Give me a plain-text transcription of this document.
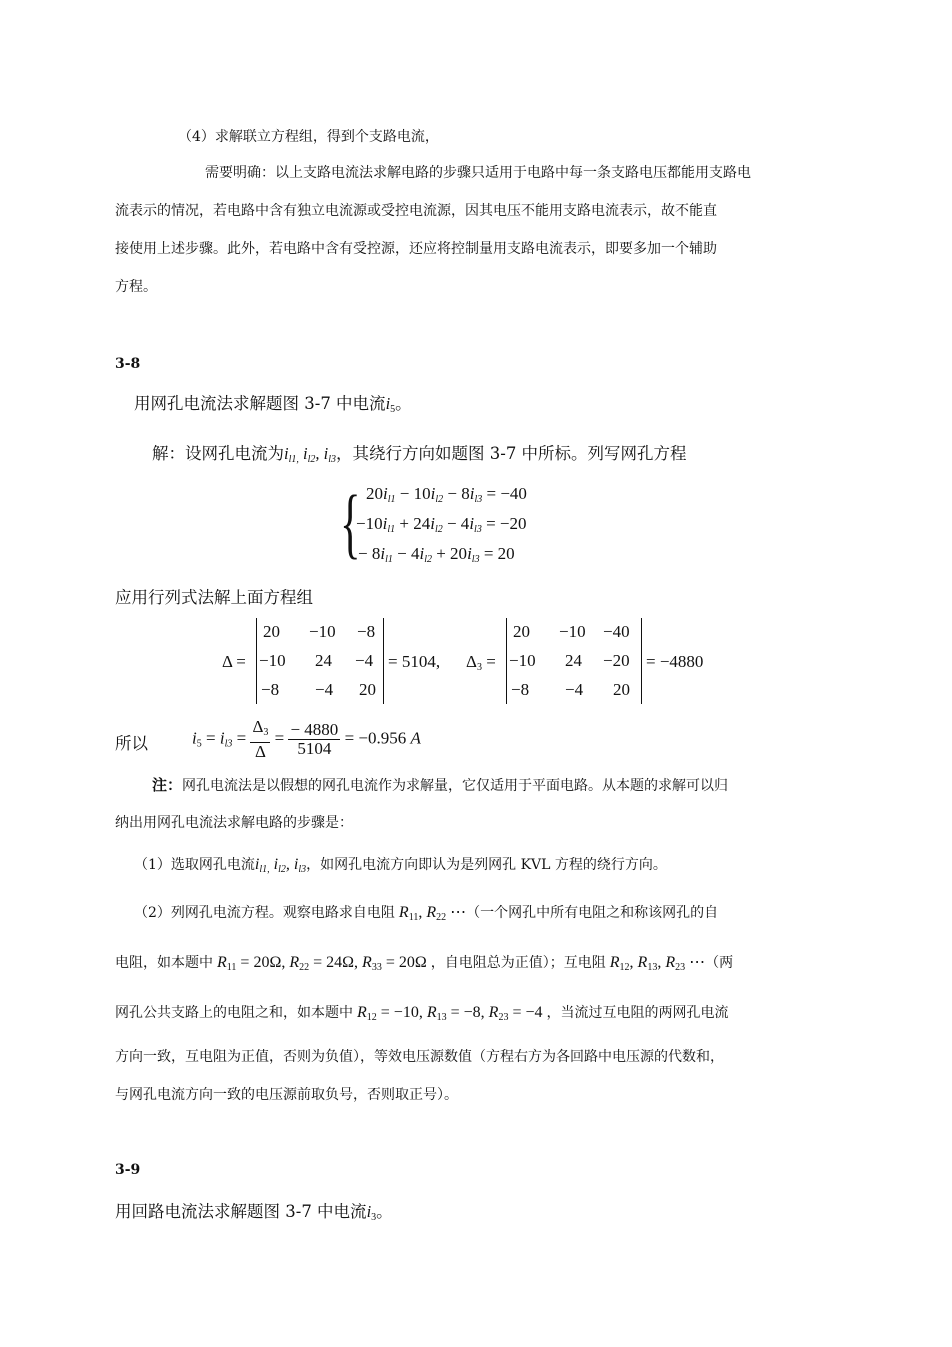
（4）求解联立方程组，得到个支路电流，
需要明确：以上支路电流法求解电路的步骤只适用于电路中每一条支路电压都能用支路电
流表示的情况，若电路中含有独立电流源或受控电流源，因其电压不能用支路电流表示，故不能直
接使用上述步骤。此外，若电路中含有受控源，还应将控制量用支路电流表示，即要多加一个辅助
方程。
3-8
用网孔电流法求解题图 3-7 中电流$i_5$。
解：设网孔电流为$i_{l1,}$ $i_{l2}$, $i_{l3}$，其绕行方向如题图 3-7 中所标。列写网孔方程
{ $20i_{l1} - 10i_{l2} - 8i_{l3} = -40$
$-10i_{l1} + 24i_{l2} - 4i_{l3} = -20$
− $8i_{l1} - 4i_{l2} + 20i_{l3} = 20$
应用行列式法解上面方程组
Δ =
20 −10 −8
−10 24 −4
−8 −4 20
= 5104, $\Delta_3$ =
20 −10 −40
−10 24 −20
−8 −4 20
= −4880
所以	$i_5 = i_{l3} = \frac{\Delta_3}{\Delta} = \frac{- 4880}{5104} = -0.956$ A
注：网孔电流法是以假想的网孔电流作为求解量，它仅适用于平面电路。从本题的求解可以归
纳出用网孔电流法求解电路的步骤是：
（1）选取网孔电流$i_{l1,}$ $i_{l2}$, $i_{l3}$，如网孔电流方向即认为是列网孔 KVL 方程的绕行方向。
（2）列网孔电流方程。观察电路求自电阻 $R_{11}$, $R_{22}$ ⋯（一个网孔中所有电阻之和称该网孔的自
电阻，如本题中 $R_{11} = 20\Omega$, $R_{22} = 24\Omega$, $R_{33} = 20\Omega$ ，自电阻总为正值）；互电阻 $R_{12}$, $R_{13}$, $R_{23}$ ⋯（两
网孔公共支路上的电阻之和，如本题中 $R_{12} = -10$, $R_{13} = -8$, $R_{23} = -4$ ，当流过互电阻的两网孔电流
方向一致，互电阻为正值，否则为负值），等效电压源数值（方程右方为各回路中电压源的代数和，
与网孔电流方向一致的电压源前取负号，否则取正号）。
3-9
用回路电流法求解题图 3-7 中电流$i_3$。
